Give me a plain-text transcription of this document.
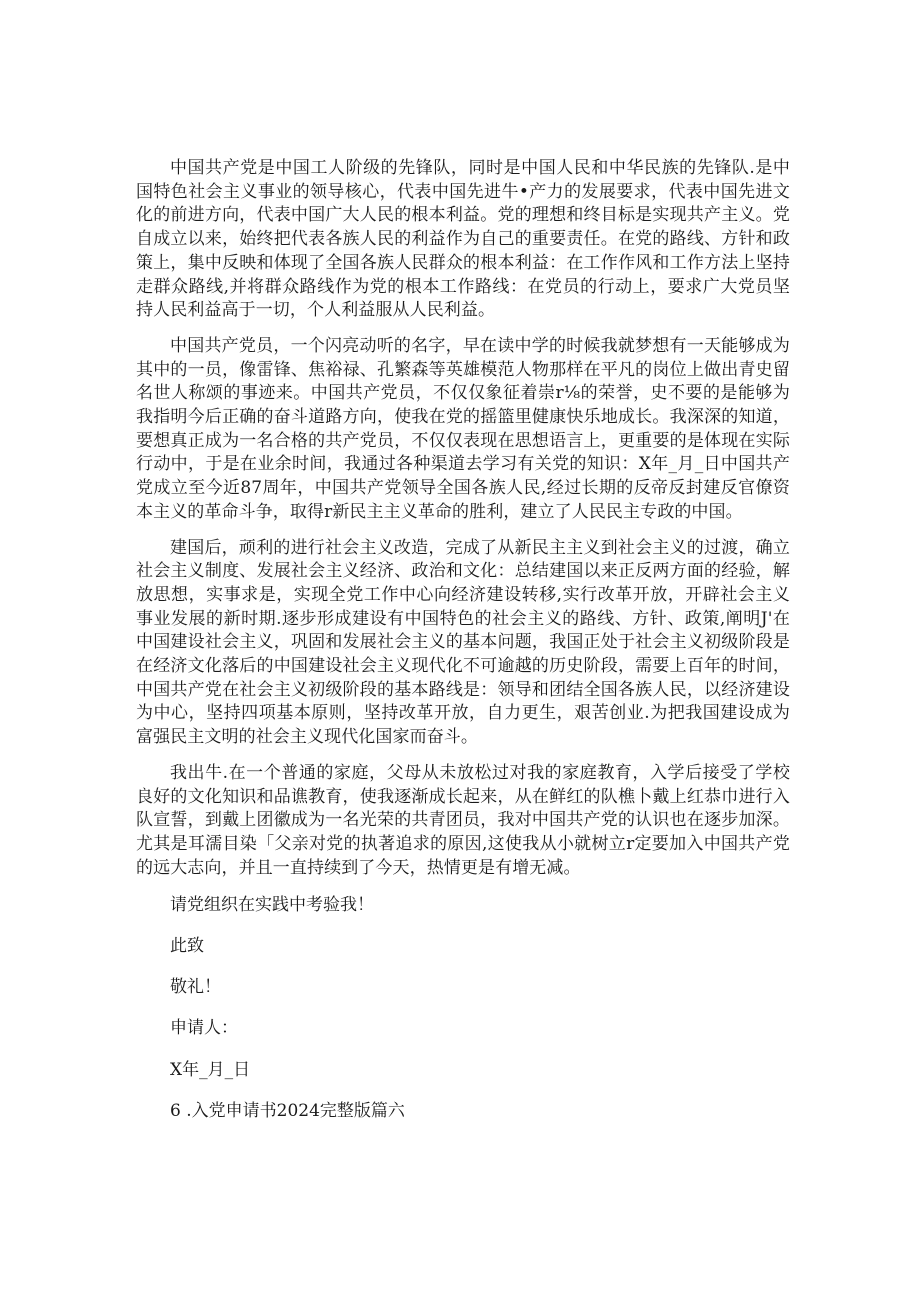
中国共产党是中国工人阶级的先锋队，同时是中国人民和中华民族的先锋队.是中国特色社会主义事业的领导核心，代表中国先进牛•产力的发展要求，代表中国先进文化的前进方向，代表中国广大人民的根本利益。党的理想和终目标是实现共产主义。党自成立以来，始终把代表各族人民的利益作为自己的重要责任。在党的路线、方针和政策上，集中反映和体现了全国各族人民群众的根本利益：在工作作风和工作方法上坚持走群众路线,并将群众路线作为党的根本工作路线：在党员的行动上，要求广大党员坚持人民利益高于一切，个人利益服从人民利益。

中国共产党员，一个闪亮动听的名字，早在读中学的时候我就梦想有一天能够成为其中的一员，像雷锋、焦裕禄、孔繁森等英雄模范人物那样在平凡的岗位上做出青史留名世人称颂的事迹来。中国共产党员，不仅仅象征着崇r⅛的荣誉，史不要的是能够为我指明今后正确的奋斗道路方向，使我在党的摇篮里健康快乐地成长。我深深的知道，要想真正成为一名合格的共产党员，不仅仅表现在思想语言上，更重要的是体现在实际行动中，于是在业余时间，我通过各种渠道去学习有关党的知识：X年_月_日中国共产党成立至今近87周年，中国共产党领导全国各族人民,经过长期的反帝反封建反官僚资本主义的革命斗争，取得r新民主主义革命的胜利，建立了人民民主专政的中国。

建国后，顽利的进行社会主义改造，完成了从新民主主义到社会主义的过渡，确立社会主义制度、发展社会主义经济、政治和文化：总结建国以来正反两方面的经验，解放思想，实事求是，实现全党工作中心向经济建设转移,实行改革开放，开辟社会主义事业发展的新时期.逐步形成建设有中国特色的社会主义的路线、方针、政策,阐明J'在中国建设社会主义，巩固和发展社会主义的基本问题，我国正处于社会主义初级阶段是在经济文化落后的中国建设社会主义现代化不可逾越的历史阶段，需要上百年的时间，中国共产党在社会主义初级阶段的基本路线是：领导和团结全国各族人民，以经济建设为中心，坚持四项基本原则，坚持改革开放，自力更生，艰苦创业.为把我国建设成为富强民主文明的社会主义现代化国家而奋斗。

我出牛.在一个普通的家庭，父母从未放松过对我的家庭教育，入学后接受了学校良好的文化知识和品谯教育，使我逐渐成长起来，从在鲜红的队樵卜戴上红恭巾进行入队宣誓，到戴上团徽成为一名光荣的共青团员，我对中国共产党的认识也在逐步加深。尤其是耳濡目染「父亲对党的执著追求的原因,这使我从小就树立r定要加入中国共产党的远大志向，并且一直持续到了今天，热情更是有增无减。

请党组织在实践中考验我！

此致

敬礼！

申请人：

X年_月_日

6 .入党申请书2024完整版篇六
